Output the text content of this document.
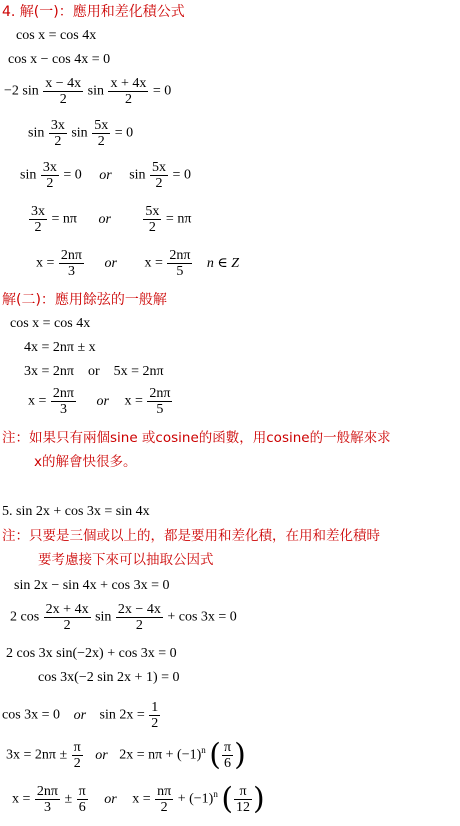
4. 解(一)：應用和差化積公式
cos x = cos 4x
cos x − cos 4x = 0
−2 $\sin \frac{x - 4x}{2}$ $\sin \frac{x + 4x}{2} = 0$
$\sin \frac{3x}{2}$ $\sin \frac{5x}{2} = 0$
$\sin \frac{3x}{2} = 0$ or $\sin \frac{5x}{2} = 0$
$\frac{3x}{2} = n\pi$ or $\frac{5x}{2} = n\pi$
$x = \frac{2n\pi}{3}$ or $x = \frac{2n\pi}{5}$ n ∈ Z
解(二)：應用餘弦的一般解
cos x = cos 4x
4x = 2nπ ± x
3x = 2nπ    or    5x = 2nπ
$x = \frac{2n\pi}{3}$ or $x = \frac{2n\pi}{5}$
注：如果只有兩個sine 或cosine的函數，用cosine的一般解來求
x的解會快很多。
5. sin 2x + cos 3x = sin 4x
注：只要是三個或以上的，都是要用和差化積，在用和差化積時
要考慮接下來可以抽取公因式
sin 2x − sin 4x + cos 3x = 0
2 $\cos \frac{2x + 4x}{2}$ $\sin \frac{2x - 4x}{2} + \cos 3x = 0$
2 cos 3x sin(−2x) + cos 3x = 0
cos 3x(−2 sin 2x + 1) = 0
cos 3x = 0 or $\sin 2x = \frac{1}{2}$
$3x = 2n\pi \pm \frac{\pi}{2}$ or $2x = n\pi + (-1)^n$ ( $\frac{\pi}{6}$ )
$x = \frac{2n\pi}{3} \pm \frac{\pi}{6}$ or $x = \frac{n\pi}{2} + (-1)^n$ ( $\frac{\pi}{12}$ )
